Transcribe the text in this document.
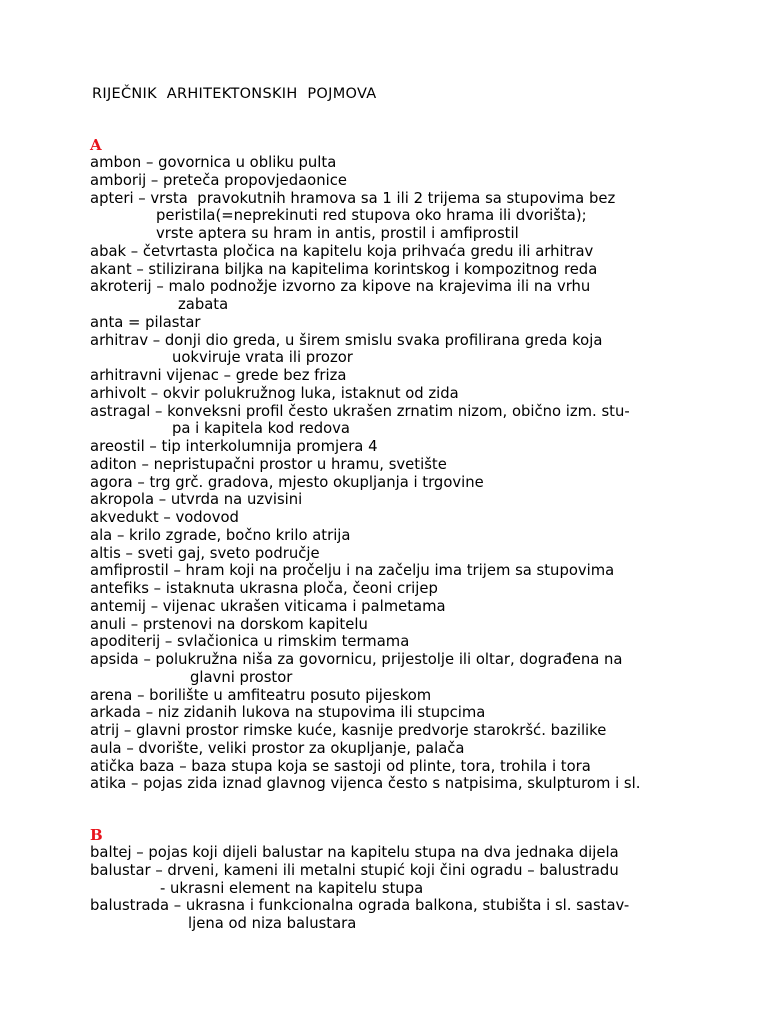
RIJEČNIK  ARHITEKTONSKIH  POJMOVA
A
ambon – govornica u obliku pulta
amborij – preteča propovjedaonice
apteri – vrsta  pravokutnih hramova sa 1 ili 2 trijema sa stupovima bez
peristila(=neprekinuti red stupova oko hrama ili dvorišta);
vrste aptera su hram in antis, prostil i amfiprostil
abak – četvrtasta pločica na kapitelu koja prihvaća gredu ili arhitrav
akant – stilizirana biljka na kapitelima korintskog i kompozitnog reda
akroterij – malo podnožje izvorno za kipove na krajevima ili na vrhu
zabata
anta = pilastar
arhitrav – donji dio greda, u širem smislu svaka profilirana greda koja
uokviruje vrata ili prozor
arhitravni vijenac – grede bez friza
arhivolt – okvir polukružnog luka, istaknut od zida
astragal – konveksni profil često ukrašen zrnatim nizom, obično izm. stu-
pa i kapitela kod redova
areostil – tip interkolumnija promjera 4
aditon – nepristupačni prostor u hramu, svetište
agora – trg grč. gradova, mjesto okupljanja i trgovine
akropola – utvrda na uzvisini
akvedukt – vodovod
ala – krilo zgrade, bočno krilo atrija
altis – sveti gaj, sveto područje
amfiprostil – hram koji na pročelju i na začelju ima trijem sa stupovima
antefiks – istaknuta ukrasna ploča, čeoni crijep
antemij – vijenac ukrašen viticama i palmetama
anuli – prstenovi na dorskom kapitelu
apoditerij – svlačionica u rimskim termama
apsida – polukružna niša za govornicu, prijestolje ili oltar, dograđena na
glavni prostor
arena – borilište u amfiteatru posuto pijeskom
arkada – niz zidanih lukova na stupovima ili stupcima
atrij – glavni prostor rimske kuće, kasnije predvorje starokršć. bazilike
aula – dvorište, veliki prostor za okupljanje, palača
atička baza – baza stupa koja se sastoji od plinte, tora, trohila i tora
atika – pojas zida iznad glavnog vijenca često s natpisima, skulpturom i sl.
B
baltej – pojas koji dijeli balustar na kapitelu stupa na dva jednaka dijela
balustar – drveni, kameni ili metalni stupić koji čini ogradu – balustradu
- ukrasni element na kapitelu stupa
balustrada – ukrasna i funkcionalna ograda balkona, stubišta i sl. sastav-
ljena od niza balustara
